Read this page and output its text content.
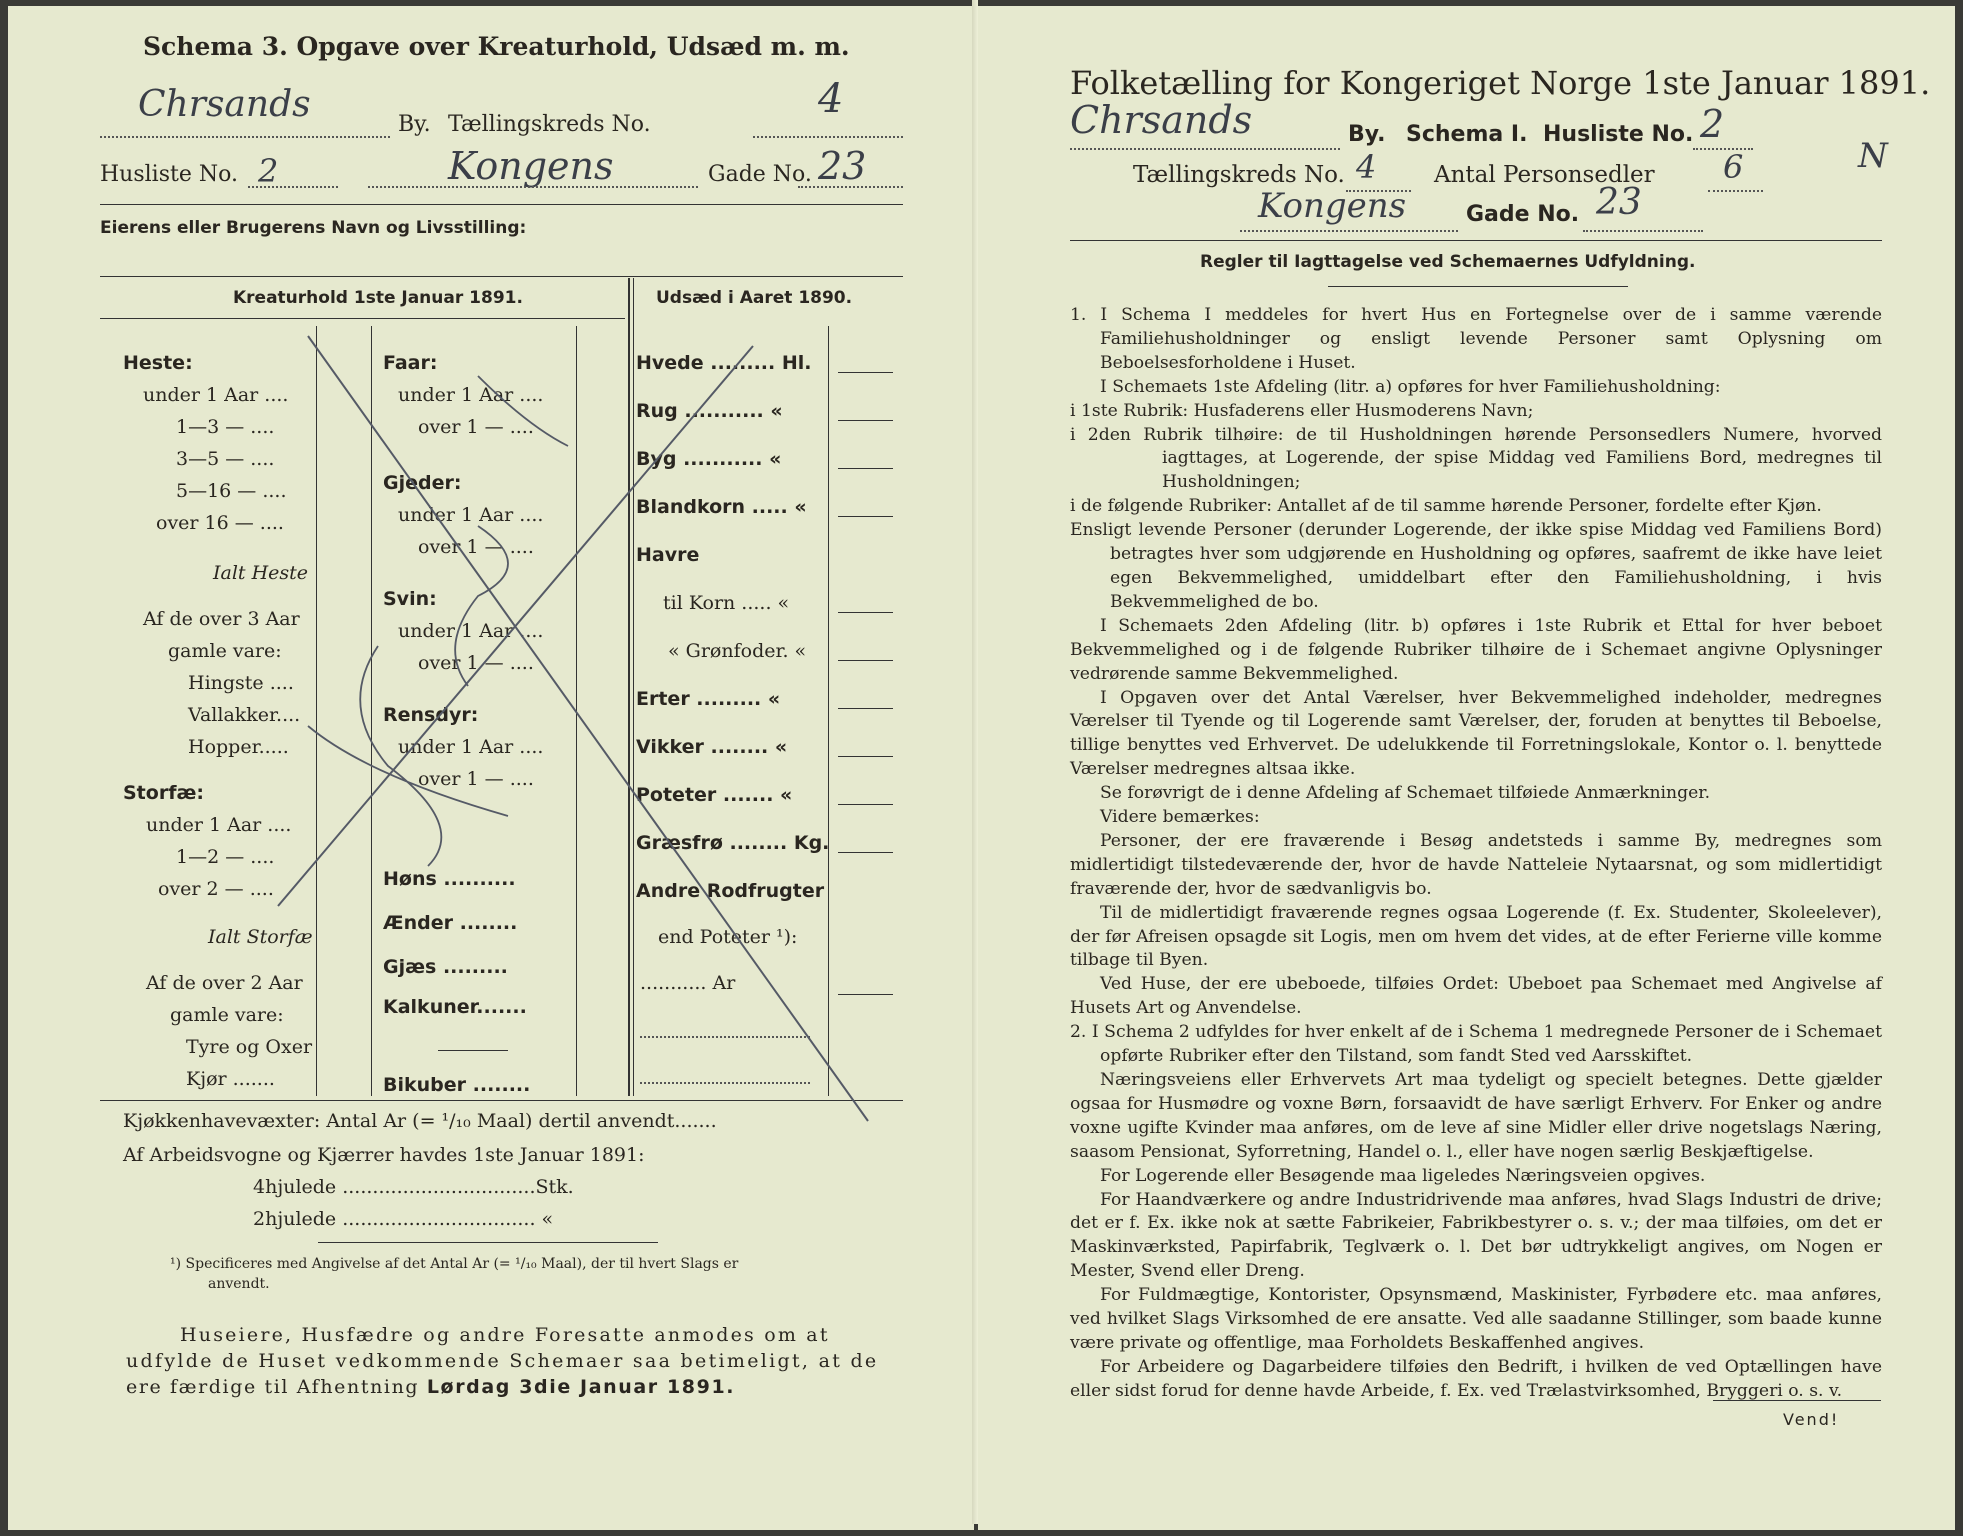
Schema 3. Opgave over Kreaturhold, Udsæd m. m.
Chrsands	By. Tællingskreds No.
4
Husliste No. 2	Kongens	Gade No. 23
Eierens eller Brugerens Navn og Livsstilling:
Kreaturhold 1ste Januar 1891.	Udsæd i Aaret 1890.
Heste:
under 1 Aar ....
1—3 — ....
3—5 — ....
5—16 — ....
over 16 — ....
Ialt Heste
Af de over 3 Aar
gamle vare:
Hingste ....
Vallakker....
Hopper.....
Storfæ:
under 1 Aar ....
1—2 — ....
over 2 — ....
Ialt Storfæ
Af de over 2 Aar
gamle vare:
Tyre og Oxer
Kjør .......
Faar:
under 1 Aar ....
over 1 — ....
Gjeder:
under 1 Aar ....
over 1 — ....
Svin:
under 1 Aar ....
over 1 — ....
Rensdyr:
under 1 Aar ....
over 1 — ....
Høns ..........
Ænder ........
Gjæs .........
Kalkuner.......
Bikuber ........
Hvede ......... Hl.
Rug ........... «
Byg ........... «
Blandkorn ..... «
Havre
til Korn ..... «
« Grønfoder. «
Erter ......... «
Vikker ........ «
Poteter ....... «
Græsfrø ........ Kg.
Andre Rodfrugter
end Poteter ¹):
........... Ar
Kjøkkenhavevæxter: Antal Ar (= ¹/₁₀ Maal) dertil anvendt.......
Af Arbeidsvogne og Kjærrer havdes 1ste Januar 1891:
4hjulede ................................Stk.
2hjulede ................................ «
¹) Specificeres med Angivelse af det Antal Ar (= ¹/₁₀ Maal), der til hvert Slags er
anvendt.
Huseiere, Husfædre og andre Foresatte anmodes om at
udfylde de Huset vedkommende Schemaer saa betimeligt, at de
ere færdige til Afhentning Lørdag 3die Januar 1891.
Folketælling for Kongeriget Norge 1ste Januar 1891.
Chrsands	By. Schema I. Husliste No. 2
N
Tællingskreds No. 4	Antal Personsedler 6
Kongens	Gade No. 23
Regler til Iagttagelse ved Schemaernes Udfyldning.

1. I Schema I meddeles for hvert Hus en Fortegnelse over de i samme værende Familiehusholdninger og ensligt levende Personer samt Oplysning om Beboelsesforholdene i Huset.

I Schemaets 1ste Afdeling (litr. a) opføres for hver Familiehusholdning:

i 1ste Rubrik: Husfaderens eller Husmoderens Navn;

i 2den Rubrik tilhøire: de til Husholdningen hørende Personsedlers Numere, hvorved iagttages, at Logerende, der spise Middag ved Familiens Bord, medregnes til Husholdningen;

i de følgende Rubriker: Antallet af de til samme hørende Personer, fordelte efter Kjøn.

Ensligt levende Personer (derunder Logerende, der ikke spise Middag ved Familiens Bord) betragtes hver som udgjørende en Husholdning og opføres, saafremt de ikke have leiet egen Bekvemmelighed, umiddelbart efter den Familiehusholdning, i hvis Bekvemmelighed de bo.

I Schemaets 2den Afdeling (litr. b) opføres i 1ste Rubrik et Ettal for hver beboet Bekvemmelighed og i de følgende Rubriker tilhøire de i Schemaet angivne Oplysninger vedrørende samme Bekvemmelighed.

I Opgaven over det Antal Værelser, hver Bekvemmelighed indeholder, medregnes Værelser til Tyende og til Logerende samt Værelser, der, foruden at benyttes til Beboelse, tillige benyttes ved Erhvervet. De udelukkende til Forretningslokale, Kontor o. l. benyttede Værelser medregnes altsaa ikke.

Se forøvrigt de i denne Afdeling af Schemaet tilføiede Anmærkninger.

Videre bemærkes:

Personer, der ere fraværende i Besøg andetsteds i samme By, medregnes som midlertidigt tilstedeværende der, hvor de havde Natteleie Nytaarsnat, og som midlertidigt fraværende der, hvor de sædvanligvis bo.

Til de midlertidigt fraværende regnes ogsaa Logerende (f. Ex. Studenter, Skoleelever), der før Afreisen opsagde sit Logis, men om hvem det vides, at de efter Ferierne ville komme tilbage til Byen.

Ved Huse, der ere ubeboede, tilføies Ordet: Ubeboet paa Schemaet med Angivelse af Husets Art og Anvendelse.

2. I Schema 2 udfyldes for hver enkelt af de i Schema 1 medregnede Personer de i Schemaet opførte Rubriker efter den Tilstand, som fandt Sted ved Aarsskiftet.

Næringsveiens eller Erhvervets Art maa tydeligt og specielt betegnes. Dette gjælder ogsaa for Husmødre og voxne Børn, forsaavidt de have særligt Erhverv. For Enker og andre voxne ugifte Kvinder maa anføres, om de leve af sine Midler eller drive nogetslags Næring, saasom Pensionat, Syforretning, Handel o. l., eller have nogen særlig Beskjæftigelse.

For Logerende eller Besøgende maa ligeledes Næringsveien opgives.

For Haandværkere og andre Industridrivende maa anføres, hvad Slags Industri de drive; det er f. Ex. ikke nok at sætte Fabrikeier, Fabrikbestyrer o. s. v.; der maa tilføies, om det er Maskinværksted, Papirfabrik, Teglværk o. l. Det bør udtrykkeligt angives, om Nogen er Mester, Svend eller Dreng.

For Fuldmægtige, Kontorister, Opsynsmænd, Maskinister, Fyrbødere etc. maa anføres, ved hvilket Slags Virksomhed de ere ansatte. Ved alle saadanne Stillinger, som baade kunne være private og offentlige, maa Forholdets Beskaffenhed angives.

For Arbeidere og Dagarbeidere tilføies den Bedrift, i hvilken de ved Optællingen have eller sidst forud for denne havde Arbeide, f. Ex. ved Trælastvirksomhed, Bryggeri o. s. v.

Vend!
